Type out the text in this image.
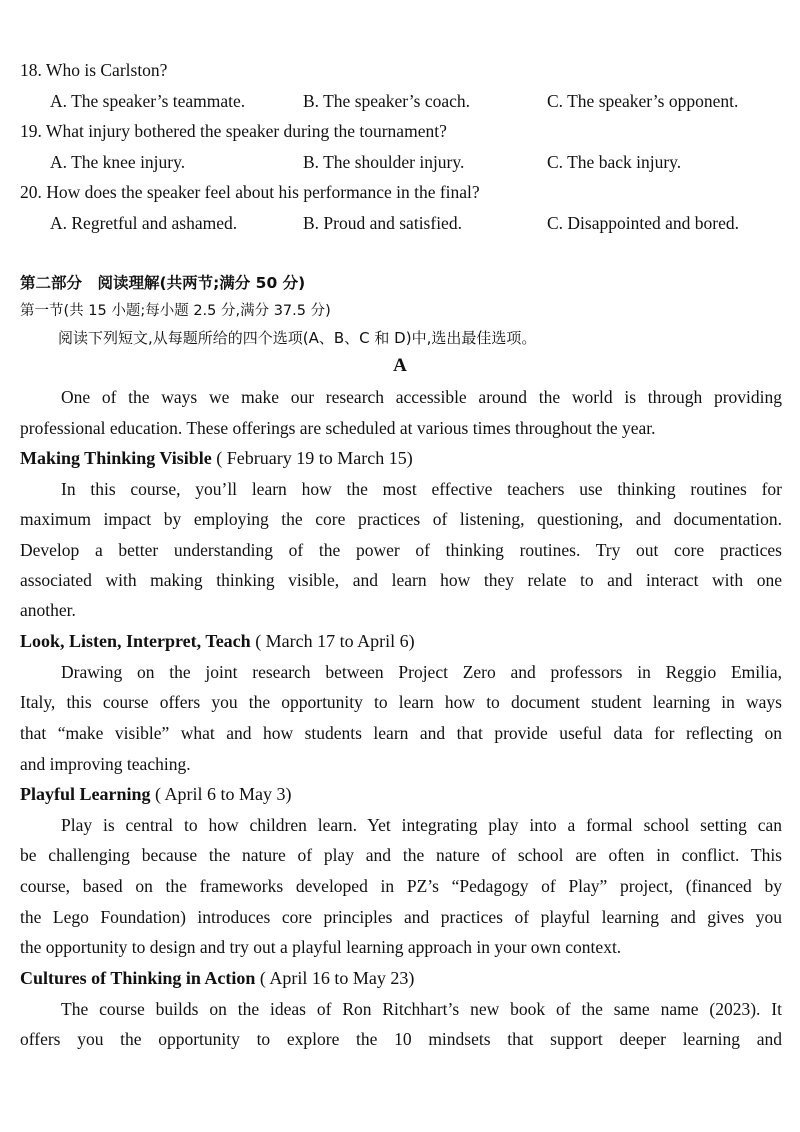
18. Who is Carlston?
A. The speaker’s teammate.	B. The speaker’s coach.	C. The speaker’s opponent.
19. What injury bothered the speaker during the tournament?
A. The knee injury.	B. The shoulder injury.	C. The back injury.
20. How does the speaker feel about his performance in the final?
A. Regretful and ashamed.	B. Proud and satisfied.	C. Disappointed and bored.
第二部分　阅读理解(共两节;满分 50 分)
第一节(共 15 小题;每小题 2.5 分,满分 37.5 分)
阅读下列短文,从每题所给的四个选项(A、B、C 和 D)中,选出最佳选项。
A
One of the ways we make our research accessible around the world is through providing
professional education. These offerings are scheduled at various times throughout the year.
Making Thinking Visible ( February 19 to March 15)
In this course, you’ll learn how the most effective teachers use thinking routines for
maximum impact by employing the core practices of listening, questioning, and documentation.
Develop a better understanding of the power of thinking routines. Try out core practices
associated with making thinking visible, and learn how they relate to and interact with one
another.
Look, Listen, Interpret, Teach ( March 17 to April 6)
Drawing on the joint research between Project Zero and professors in Reggio Emilia,
Italy, this course offers you the opportunity to learn how to document student learning in ways
that “make visible” what and how students learn and that provide useful data for reflecting on
and improving teaching.
Playful Learning ( April 6 to May 3)
Play is central to how children learn. Yet integrating play into a formal school setting can
be challenging because the nature of play and the nature of school are often in conflict. This
course, based on the frameworks developed in PZ’s “Pedagogy of Play” project, (financed by
the Lego Foundation) introduces core principles and practices of playful learning and gives you
the opportunity to design and try out a playful learning approach in your own context.
Cultures of Thinking in Action ( April 16 to May 23)
The course builds on the ideas of Ron Ritchhart’s new book of the same name (2023). It
offers you the opportunity to explore the 10 mindsets that support deeper learning and
